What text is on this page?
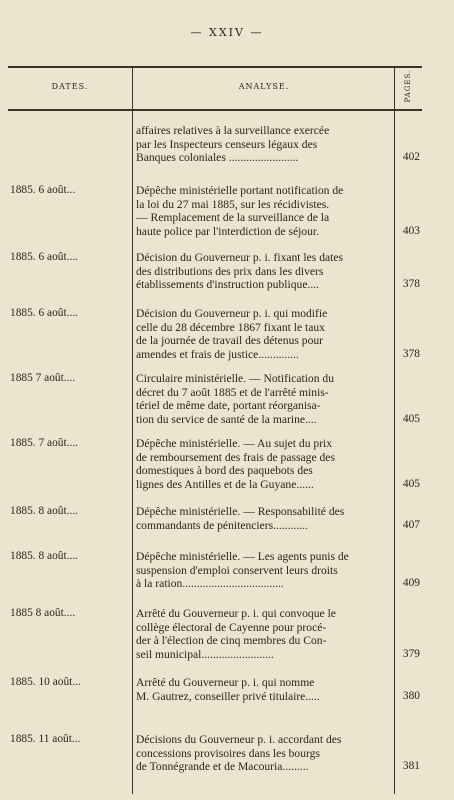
— XXIV —
DATES.	ANALYSE.	PAGES.
affaires relatives à la surveillance exercée
par les Inspecteurs censeurs légaux des
Banques coloniales ........................	402
1885. 6 août...	Dépêche ministérielle portant notification de
la loi du 27 mai 1885, sur les récidivistes.
— Remplacement de la surveillance de la
haute police par l'interdiction de séjour.	403
1885. 6 août....	Décision du Gouverneur p. i. fixant les dates
des distributions des prix dans les divers
établissements d'instruction publique....	378
1885. 6 août....	Décision du Gouverneur p. i. qui modifie
celle du 28 décembre 1867 fixant le taux
de la journée de travail des détenus pour
amendes et frais de justice..............	378
1885 7 août....	Circulaire ministérielle. — Notification du
décret du 7 août 1885 et de l'arrêté minis-
tériel de même date, portant réorganisa-
tion du service de santé de la marine....	405
1885. 7 août....	Dépêche ministérielle. — Au sujet du prix
de remboursement des frais de passage des
domestiques à bord des paquebots des
lignes des Antilles et de la Guyane......	405
1885. 8 août....	Dépêche ministérielle. — Responsabilité des
commandants de pénitenciers............	407
1885. 8 août....	Dépêche ministérielle. — Les agents punis de
suspension d'emploi conservent leurs droits
à la ration...................................	409
1885 8 août....	Arrêté du Gouverneur p. i. qui convoque le
collège électoral de Cayenne pour procé-
der à l'élection de cinq membres du Con-
seil municipal.........................	379
1885. 10 août...	Arrêté du Gouverneur p. i. qui nomme
M. Gautrez, conseiller privé titulaire.....	380
1885. 11 août...	Décisions du Gouverneur p. i. accordant des
concessions provisoires dans les bourgs
de Tonnégrande et de Macouria.........	381
